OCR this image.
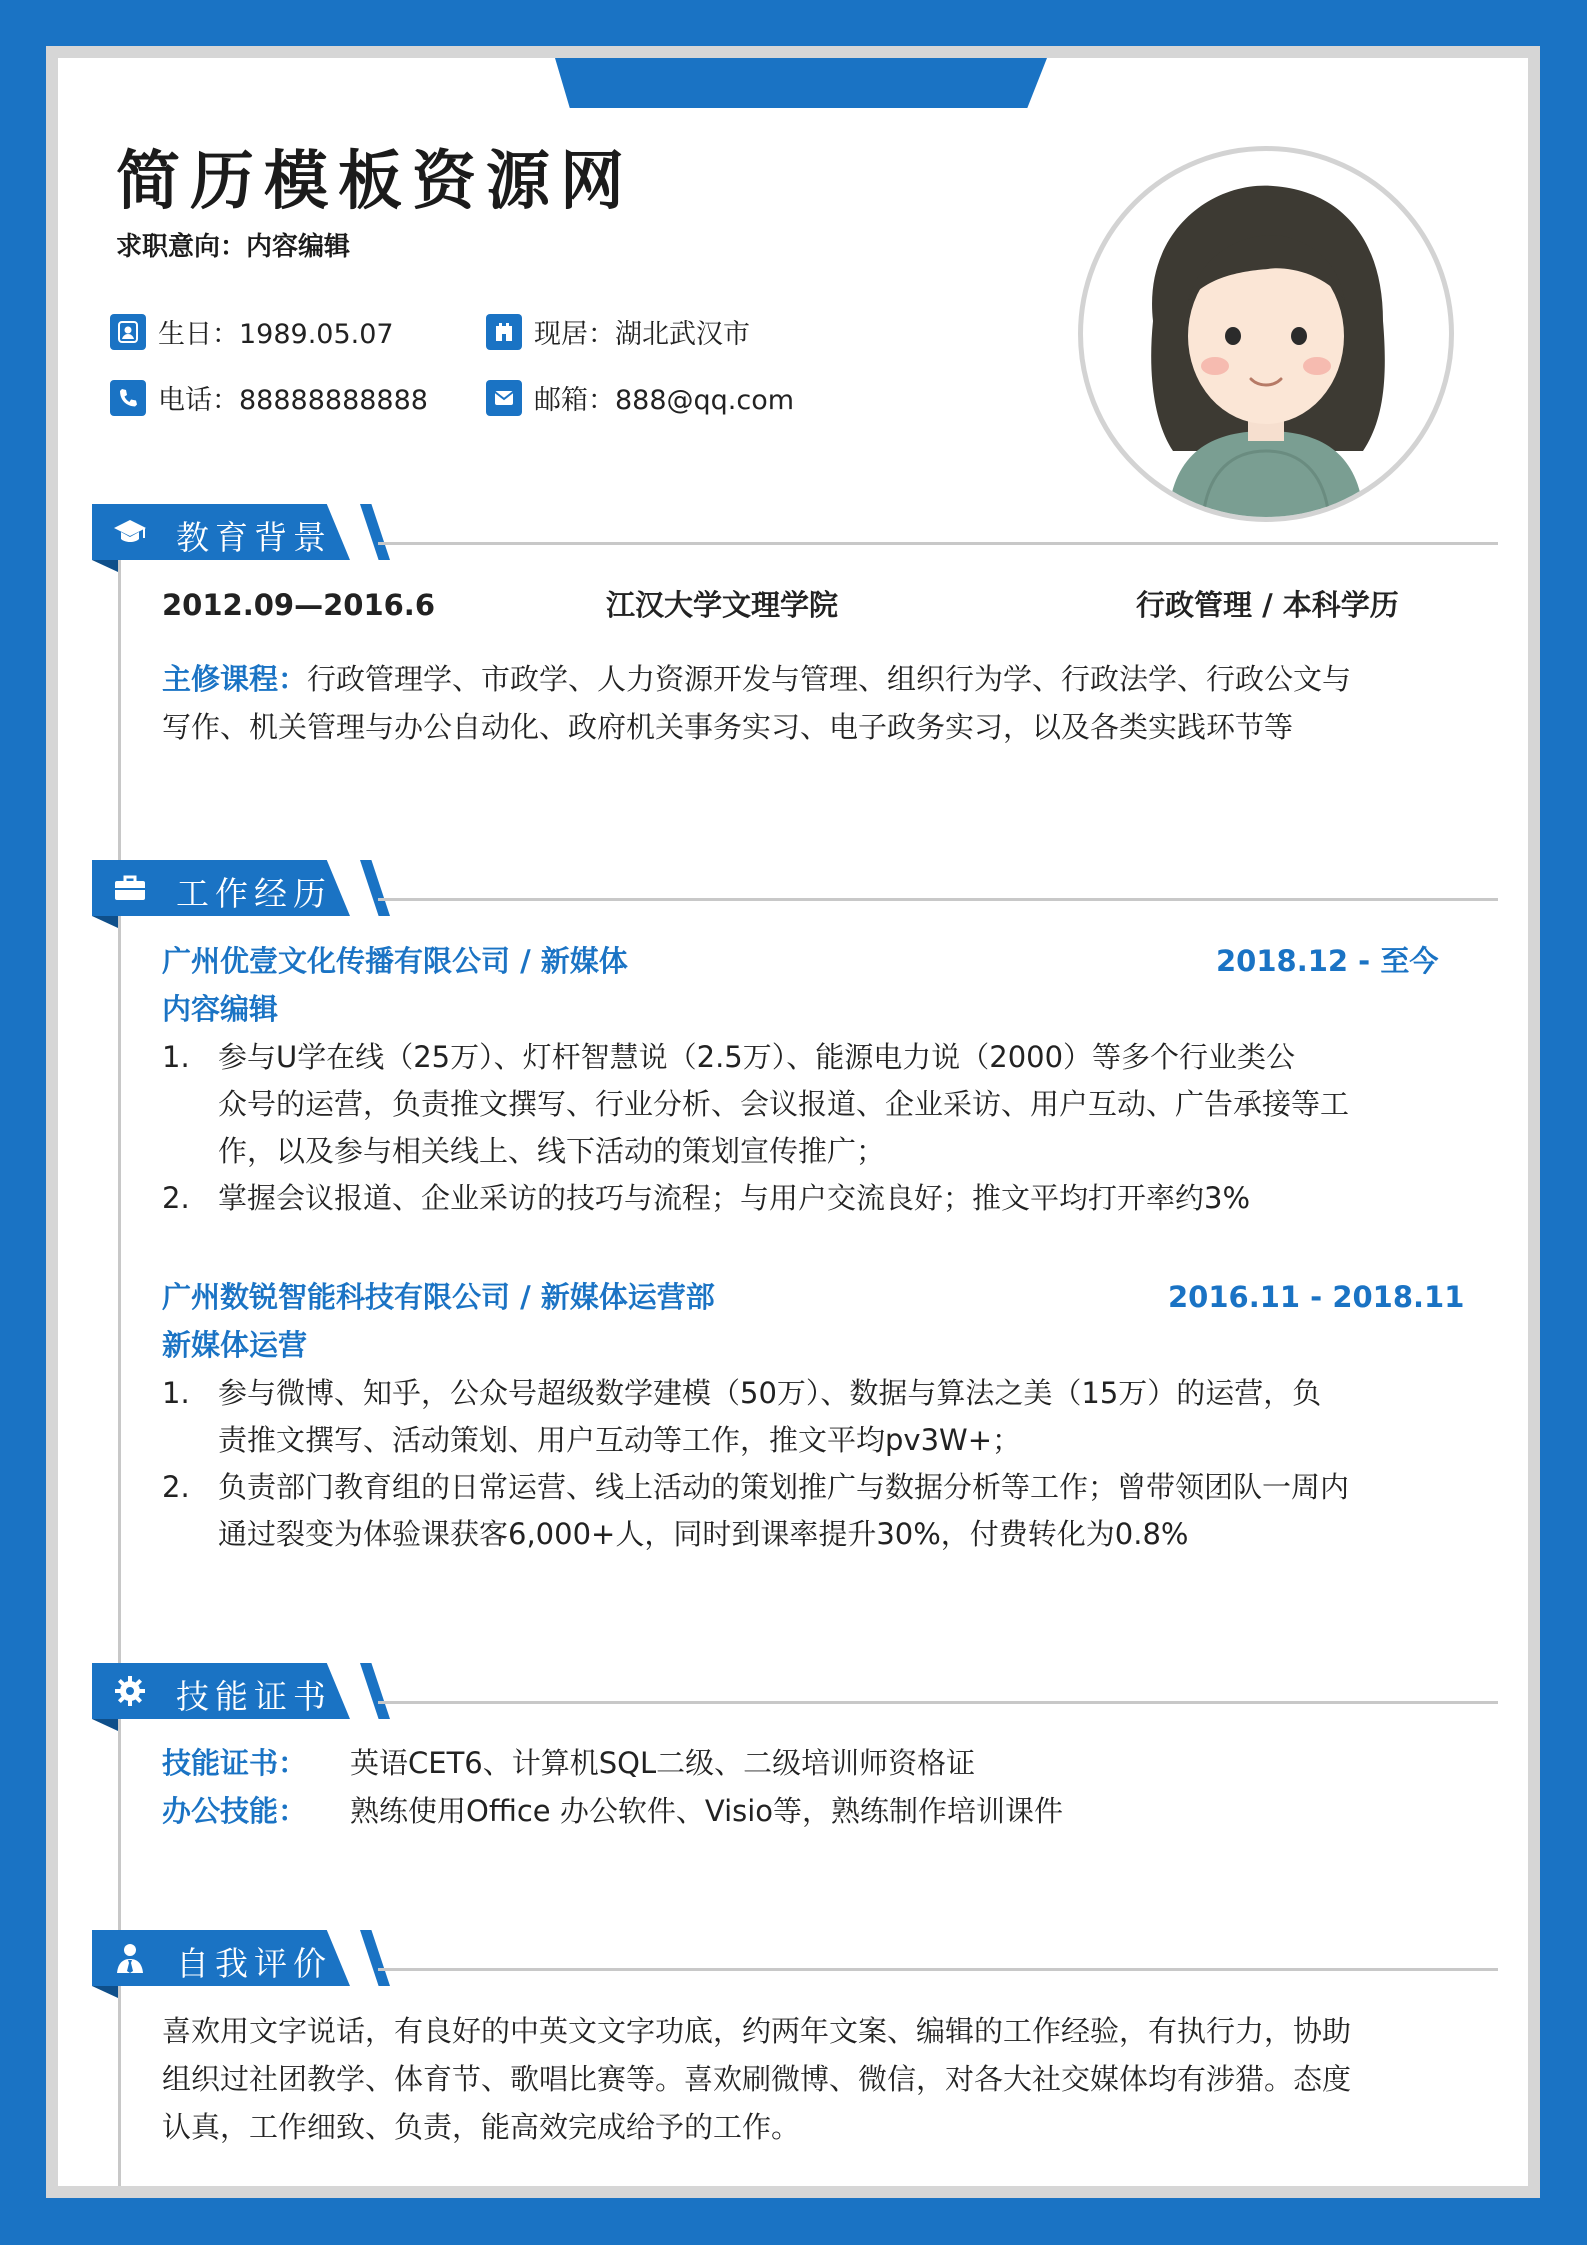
简历模板资源网
求职意向：内容编辑
生日：1989.05.07	现居：湖北武汉市
电话：88888888888	邮箱：888@qq.com
教育背景
2012.09—2016.6	江汉大学文理学院	行政管理 / 本科学历
主修课程：行政管理学、市政学、人力资源开发与管理、组织行为学、行政法学、行政公文与
写作、机关管理与办公自动化、政府机关事务实习、电子政务实习，以及各类实践环节等
工作经历
广州优壹文化传播有限公司 / 新媒体	2018.12 - 至今
内容编辑
1. 参与U学在线（25万）、灯杆智慧说（2.5万）、能源电力说（2000）等多个行业类公
众号的运营，负责推文撰写、行业分析、会议报道、企业采访、用户互动、广告承接等工
作，以及参与相关线上、线下活动的策划宣传推广；
2. 掌握会议报道、企业采访的技巧与流程；与用户交流良好；推文平均打开率约3%
广州数锐智能科技有限公司 / 新媒体运营部	2016.11 - 2018.11
新媒体运营
1. 参与微博、知乎，公众号超级数学建模（50万）、数据与算法之美（15万）的运营，负
责推文撰写、活动策划、用户互动等工作，推文平均pv3W+；
2. 负责部门教育组的日常运营、线上活动的策划推广与数据分析等工作；曾带领团队一周内
通过裂变为体验课获客6,000+人，同时到课率提升30%，付费转化为0.8%
技能证书
技能证书： 英语CET6、计算机SQL二级、二级培训师资格证
办公技能： 熟练使用Office 办公软件、Visio等，熟练制作培训课件
自我评价
喜欢用文字说话，有良好的中英文文字功底，约两年文案、编辑的工作经验，有执行力，协助
组织过社团教学、体育节、歌唱比赛等。喜欢刷微博、微信，对各大社交媒体均有涉猎。态度
认真，工作细致、负责，能高效完成给予的工作。
